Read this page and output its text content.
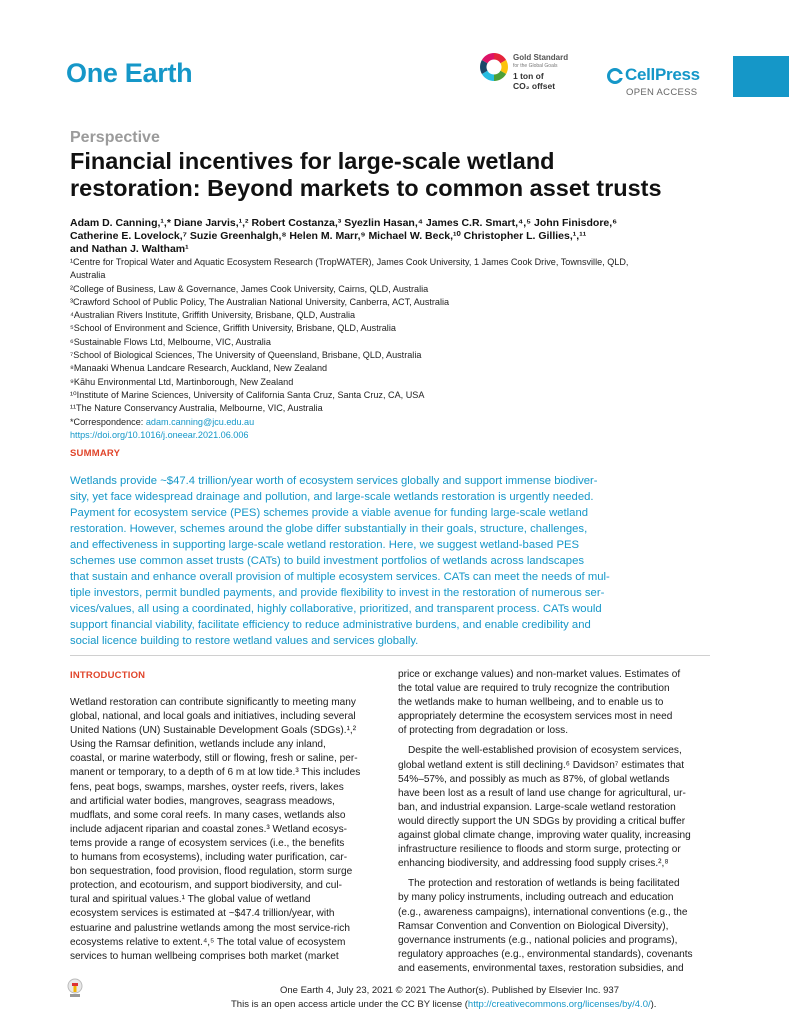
One Earth
Gold Standard
for the Global Goals
1 ton of
CO₂ offset
CellPress
OPEN ACCESS
Perspective
Financial incentives for large-scale wetland
restoration: Beyond markets to common asset trusts
Adam D. Canning,¹,* Diane Jarvis,¹,² Robert Costanza,³ Syezlin Hasan,⁴ James C.R. Smart,⁴,⁵ John Finisdore,⁶
Catherine E. Lovelock,⁷ Suzie Greenhalgh,⁸ Helen M. Marr,⁹ Michael W. Beck,¹⁰ Christopher L. Gillies,¹,¹¹
and Nathan J. Waltham¹
¹Centre for Tropical Water and Aquatic Ecosystem Research (TropWATER), James Cook University, 1 James Cook Drive, Townsville, QLD,
Australia
²College of Business, Law & Governance, James Cook University, Cairns, QLD, Australia
³Crawford School of Public Policy, The Australian National University, Canberra, ACT, Australia
⁴Australian Rivers Institute, Griffith University, Brisbane, QLD, Australia
⁵School of Environment and Science, Griffith University, Brisbane, QLD, Australia
⁶Sustainable Flows Ltd, Melbourne, VIC, Australia
⁷School of Biological Sciences, The University of Queensland, Brisbane, QLD, Australia
⁸Manaaki Whenua Landcare Research, Auckland, New Zealand
⁹Kāhu Environmental Ltd, Martinborough, New Zealand
¹⁰Institute of Marine Sciences, University of California Santa Cruz, Santa Cruz, CA, USA
¹¹The Nature Conservancy Australia, Melbourne, VIC, Australia
*Correspondence: adam.canning@jcu.edu.au
https://doi.org/10.1016/j.oneear.2021.06.006
SUMMARY
Wetlands provide ~$47.4 trillion/year worth of ecosystem services globally and support immense biodiver-
sity, yet face widespread drainage and pollution, and large-scale wetlands restoration is urgently needed.
Payment for ecosystem service (PES) schemes provide a viable avenue for funding large-scale wetland
restoration. However, schemes around the globe differ substantially in their goals, structure, challenges,
and effectiveness in supporting large-scale wetland restoration. Here, we suggest wetland-based PES
schemes use common asset trusts (CATs) to build investment portfolios of wetlands across landscapes
that sustain and enhance overall provision of multiple ecosystem services. CATs can meet the needs of mul-
tiple investors, permit bundled payments, and provide flexibility to invest in the restoration of numerous ser-
vices/values, all using a coordinated, highly collaborative, prioritized, and transparent process. CATs would
support financial viability, facilitate efficiency to reduce administrative burdens, and enable credibility and
social licence building to restore wetland values and services globally.
INTRODUCTION
Wetland restoration can contribute significantly to meeting many
global, national, and local goals and initiatives, including several
United Nations (UN) Sustainable Development Goals (SDGs).¹,²
Using the Ramsar definition, wetlands include any inland,
coastal, or marine waterbody, still or flowing, fresh or saline, per-
manent or temporary, to a depth of 6 m at low tide.³ This includes
fens, peat bogs, swamps, marshes, oyster reefs, rivers, lakes
and artificial water bodies, mangroves, seagrass meadows,
mudflats, and some coral reefs. In many cases, wetlands also
include adjacent riparian and coastal zones.³ Wetland ecosys-
tems provide a range of ecosystem services (i.e., the benefits
to humans from ecosystems), including water purification, car-
bon sequestration, food provision, flood regulation, storm surge
protection, and ecotourism, and support biodiversity, and cul-
tural and spiritual values.¹ The global value of wetland
ecosystem services is estimated at ~$47.4 trillion/year, with
estuarine and palustrine wetlands among the most service-rich
ecosystems relative to extent.⁴,⁵ The total value of ecosystem
services to human wellbeing comprises both market (market
price or exchange values) and non-market values. Estimates of
the total value are required to truly recognize the contribution
the wetlands make to human wellbeing, and to enable us to
appropriately determine the ecosystem services most in need
of protecting from degradation or loss.
Despite the well-established provision of ecosystem services,
global wetland extent is still declining.⁶ Davidson⁷ estimates that
54%–57%, and possibly as much as 87%, of global wetlands
have been lost as a result of land use change for agricultural, ur-
ban, and industrial expansion. Large-scale wetland restoration
would directly support the UN SDGs by providing a critical buffer
against global climate change, improving water quality, increasing
infrastructure resilience to floods and storm surge, protecting or
enhancing biodiversity, and addressing food supply crises.²,⁸
The protection and restoration of wetlands is being facilitated
by many policy instruments, including outreach and education
(e.g., awareness campaigns), international conventions (e.g., the
Ramsar Convention and Convention on Biological Diversity),
governance instruments (e.g., national policies and programs),
regulatory approaches (e.g., environmental standards), covenants
and easements, environmental taxes, restoration subsidies, and
One Earth 4, July 23, 2021 © 2021 The Author(s). Published by Elsevier Inc. 937
This is an open access article under the CC BY license (http://creativecommons.org/licenses/by/4.0/).
